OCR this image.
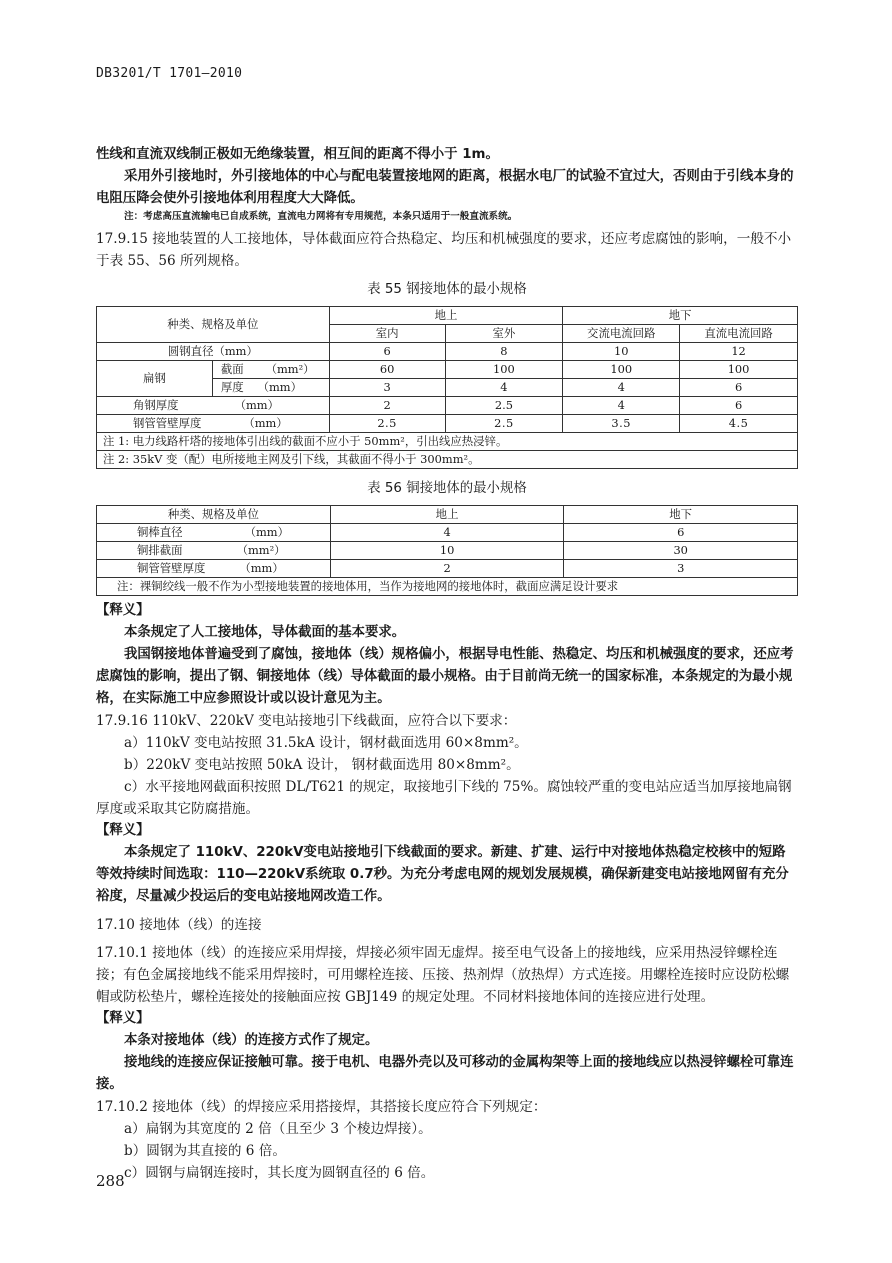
DB3201/T 1701—2010

性线和直流双线制正极如无绝缘装置，相互间的距离不得小于 1m。

采用外引接地时，外引接地体的中心与配电装置接地网的距离，根据水电厂的试验不宜过大，否则由于引线本身的电阻压降会使外引接地体利用程度大大降低。

注：考虑高压直流输电已自成系统，直流电力网将有专用规范，本条只适用于一般直流系统。

17.9.15 接地装置的人工接地体，导体截面应符合热稳定、均压和机械强度的要求，还应考虑腐蚀的影响，一般不小于表 55、56 所列规格。

表 55 钢接地体的最小规格
种类、规格及单位		地上		地下	
		室内	室外	交流电流回路	直流电流回路
圆钢直径（mm）		6	8	10	12
扁钢	截面 （mm²）	60	100	100	100
	厚度 （mm）	3	4	4	6
角钢厚度 （mm）		2	2.5	4	6
钢管管壁厚度 （mm）		2.5	2.5	3.5	4.5
注 1: 电力线路杆塔的接地体引出线的截面不应小于 50mm²，引出线应热浸锌。					
注 2: 35kV 变（配）电所接地主网及引下线，其截面不得小于 300mm²。					
表 56 铜接地体的最小规格
种类、规格及单位	地上	地下
铜棒直径 （mm）	4	6
铜排截面 （mm²）	10	30
铜管管壁厚度 （mm）	2	3
注：裸铜绞线一般不作为小型接地装置的接地体用，当作为接地网的接地体时，截面应满足设计要求		

【释义】

本条规定了人工接地体，导体截面的基本要求。

我国钢接地体普遍受到了腐蚀，接地体（线）规格偏小，根据导电性能、热稳定、均压和机械强度的要求，还应考虑腐蚀的影响，提出了钢、铜接地体（线）导体截面的最小规格。由于目前尚无统一的国家标准，本条规定的为最小规格，在实际施工中应参照设计或以设计意见为主。

17.9.16 110kV、220kV 变电站接地引下线截面，应符合以下要求：

a）110kV 变电站按照 31.5kA 设计，钢材截面选用 60×8mm²。

b）220kV 变电站按照 50kA 设计， 钢材截面选用 80×8mm²。

c）水平接地网截面积按照 DL/T621 的规定，取接地引下线的 75%。腐蚀较严重的变电站应适当加厚接地扁钢厚度或采取其它防腐措施。

【释义】

本条规定了 110kV、220kV变电站接地引下线截面的要求。新建、扩建、运行中对接地体热稳定校核中的短路等效持续时间选取：110—220kV系统取 0.7秒。为充分考虑电网的规划发展规模，确保新建变电站接地网留有充分裕度，尽量减少投运后的变电站接地网改造工作。

17.10 接地体（线）的连接

17.10.1 接地体（线）的连接应采用焊接，焊接必须牢固无虚焊。接至电气设备上的接地线，应采用热浸锌螺栓连接；有色金属接地线不能采用焊接时，可用螺栓连接、压接、热剂焊（放热焊）方式连接。用螺栓连接时应设防松螺帽或防松垫片，螺栓连接处的接触面应按 GBJ149 的规定处理。不同材料接地体间的连接应进行处理。

【释义】

本条对接地体（线）的连接方式作了规定。

接地线的连接应保证接触可靠。接于电机、电器外壳以及可移动的金属构架等上面的接地线应以热浸锌螺栓可靠连接。

17.10.2 接地体（线）的焊接应采用搭接焊，其搭接长度应符合下列规定：

a）扁钢为其宽度的 2 倍（且至少 3 个棱边焊接）。

b）圆钢为其直接的 6 倍。

c）圆钢与扁钢连接时，其长度为圆钢直径的 6 倍。

288
